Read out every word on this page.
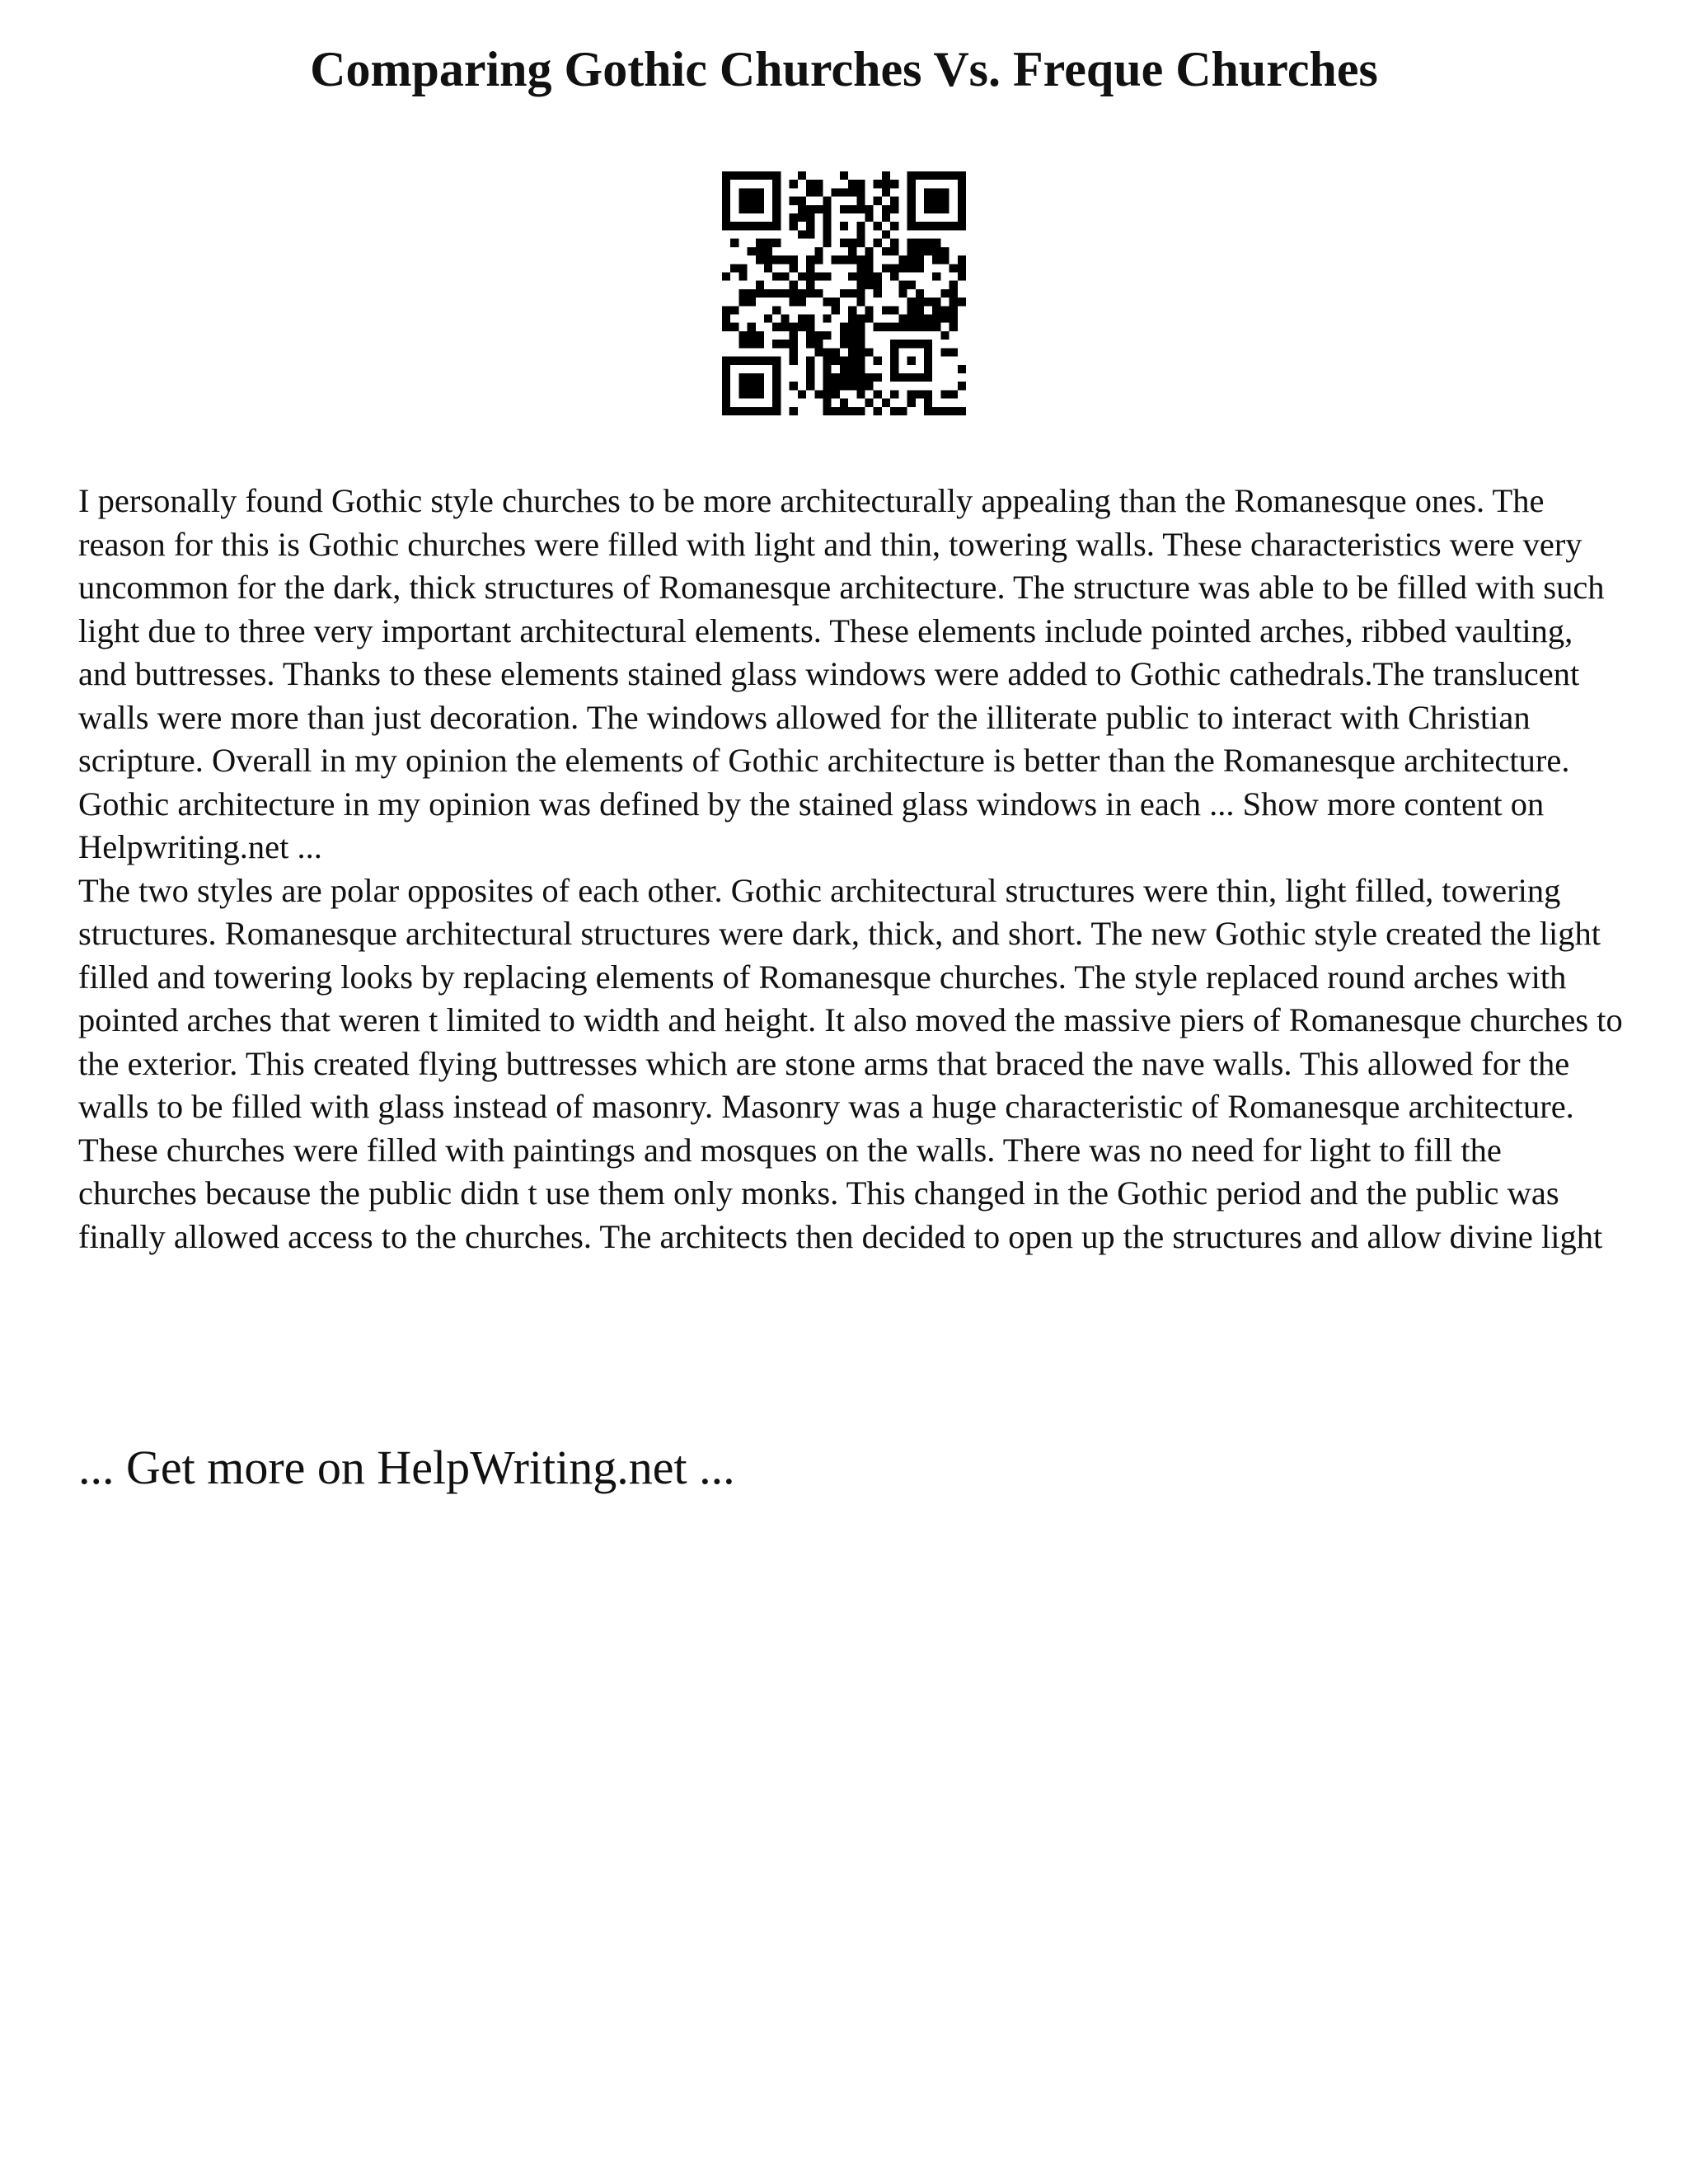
Comparing Gothic Churches Vs. Freque Churches

I personally found Gothic style churches to be more architecturally appealing than the Romanesque ones. The reason for this is Gothic churches were filled with light and thin, towering walls. These characteristics were very uncommon for the dark, thick structures of Romanesque architecture. The structure was able to be filled with such light due to three very important architectural elements. These elements include pointed arches, ribbed vaulting, and buttresses. Thanks to these elements stained glass windows were added to Gothic cathedrals.The translucent walls were more than just decoration. The windows allowed for the illiterate public to interact with Christian scripture. Overall in my opinion the elements of Gothic architecture is better than the Romanesque architecture.

Gothic architecture in my opinion was defined by the stained glass windows in each ... Show more content on Helpwriting.net ...

The two styles are polar opposites of each other. Gothic architectural structures were thin, light filled, towering structures. Romanesque architectural structures were dark, thick, and short. The new Gothic style created the light filled and towering looks by replacing elements of Romanesque churches. The style replaced round arches with pointed arches that weren t limited to width and height. It also moved the massive piers of Romanesque churches to the exterior. This created flying buttresses which are stone arms that braced the nave walls. This allowed for the walls to be filled with glass instead of masonry. Masonry was a huge characteristic of Romanesque architecture. These churches were filled with paintings and mosques on the walls. There was no need for light to fill the churches because the public didn t use them only monks. This changed in the Gothic period and the public was finally allowed access to the churches. The architects then decided to open up the structures and allow divine light

... Get more on HelpWriting.net ...
